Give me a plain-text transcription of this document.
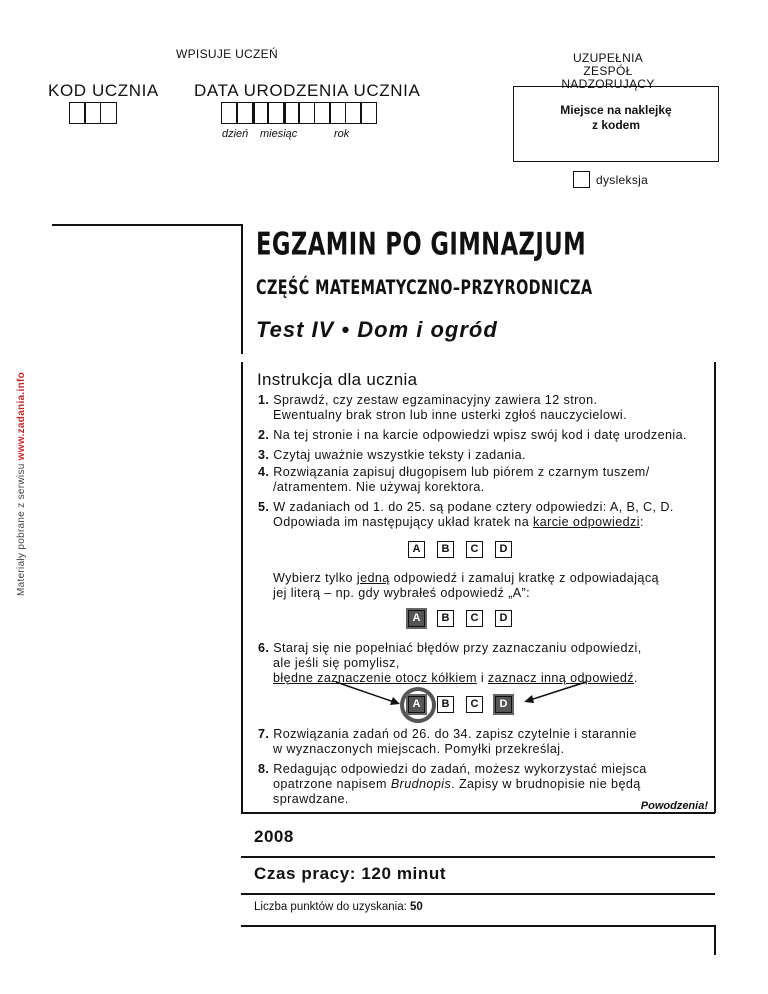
WPISUJE UCZEŃ	UZUPEŁNIA ZESPÓŁ
NADZORUJĄCY
KOD UCZNIA DATA URODZENIA UCZNIA
dzień miesiąc	rok
Miejsce na naklejkę
z kodem
dysleksja
Materiały pobrane z serwisu www.zadania.info
EGZAMIN PO GIMNAZJUM
CZĘŚĆ MATEMATYCZNO–PRZYRODNICZA
Test IV • Dom i ogród
Instrukcja dla ucznia
1. Sprawdź, czy zestaw egzaminacyjny zawiera 12 stron.
Ewentualny brak stron lub inne usterki zgłoś nauczycielowi.
2. Na tej stronie i na karcie odpowiedzi wpisz swój kod i datę urodzenia.
3. Czytaj uważnie wszystkie teksty i zadania.
4. Rozwiązania zapisuj długopisem lub piórem z czarnym tuszem/
/atramentem. Nie używaj korektora.
5. W zadaniach od 1. do 25. są podane cztery odpowiedzi: A, B, C, D.
Odpowiada im następujący układ kratek na karcie odpowiedzi:
A	B	C	D
Wybierz tylko jedną odpowiedź i zamaluj kratkę z odpowiadającą
jej literą – np. gdy wybrałeś odpowiedź „A”:
A	B	C	D
6. Staraj się nie popełniać błędów przy zaznaczaniu odpowiedzi,
ale jeśli się pomylisz,
błędne zaznaczenie otocz kółkiem i zaznacz inną odpowiedź.
A	B	C	D
7. Rozwiązania zadań od 26. do 34. zapisz czytelnie i starannie
w wyznaczonych miejscach. Pomyłki przekreślaj.
8. Redagując odpowiedzi do zadań, możesz wykorzystać miejsca
opatrzone napisem Brudnopis. Zapisy w brudnopisie nie będą
sprawdzane.	Powodzenia!
2008
Czas pracy: 120 minut
Liczba punktów do uzyskania: 50
